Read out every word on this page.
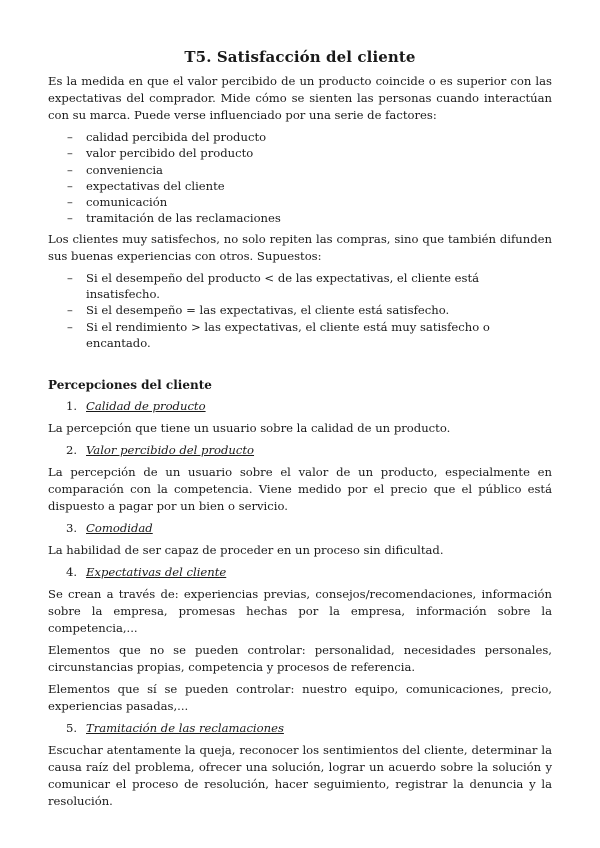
T5. Satisfacción del cliente

Es la medida en que el valor percibido de un producto coincide o es superior con las expectativas del comprador. Mide cómo se sienten las personas cuando interactúan con su marca. Puede verse influenciado por una serie de factores:

– calidad percibida del producto
– valor percibido del producto
– conveniencia
– expectativas del cliente
– comunicación
– tramitación de las reclamaciones

Los clientes muy satisfechos, no solo repiten las compras, sino que también difunden sus buenas experiencias con otros. Supuestos:

– Si el desempeño del producto < de las expectativas, el cliente está insatisfecho.
– Si el desempeño = las expectativas, el cliente está satisfecho.
– Si el rendimiento > las expectativas, el cliente está muy satisfecho o encantado.
Percepciones del cliente
1. Calidad de producto

La percepción que tiene un usuario sobre la calidad de un producto.

2. Valor percibido del producto

La percepción de un usuario sobre el valor de un producto, especialmente en comparación con la competencia. Viene medido por el precio que el público está dispuesto a pagar por un bien o servicio.

3. Comodidad

La habilidad de ser capaz de proceder en un proceso sin dificultad.

4. Expectativas del cliente

Se crean a través de: experiencias previas, consejos/recomendaciones, información sobre la empresa, promesas hechas por la empresa, información sobre la competencia,...

Elementos que no se pueden controlar: personalidad, necesidades personales, circunstancias propias, competencia y procesos de referencia.

Elementos que sí se pueden controlar: nuestro equipo, comunicaciones, precio, experiencias pasadas,...

5. Tramitación de las reclamaciones

Escuchar atentamente la queja, reconocer los sentimientos del cliente, determinar la causa raíz del problema, ofrecer una solución, lograr un acuerdo sobre la solución y comunicar el proceso de resolución, hacer seguimiento, registrar la denuncia y la resolución.
